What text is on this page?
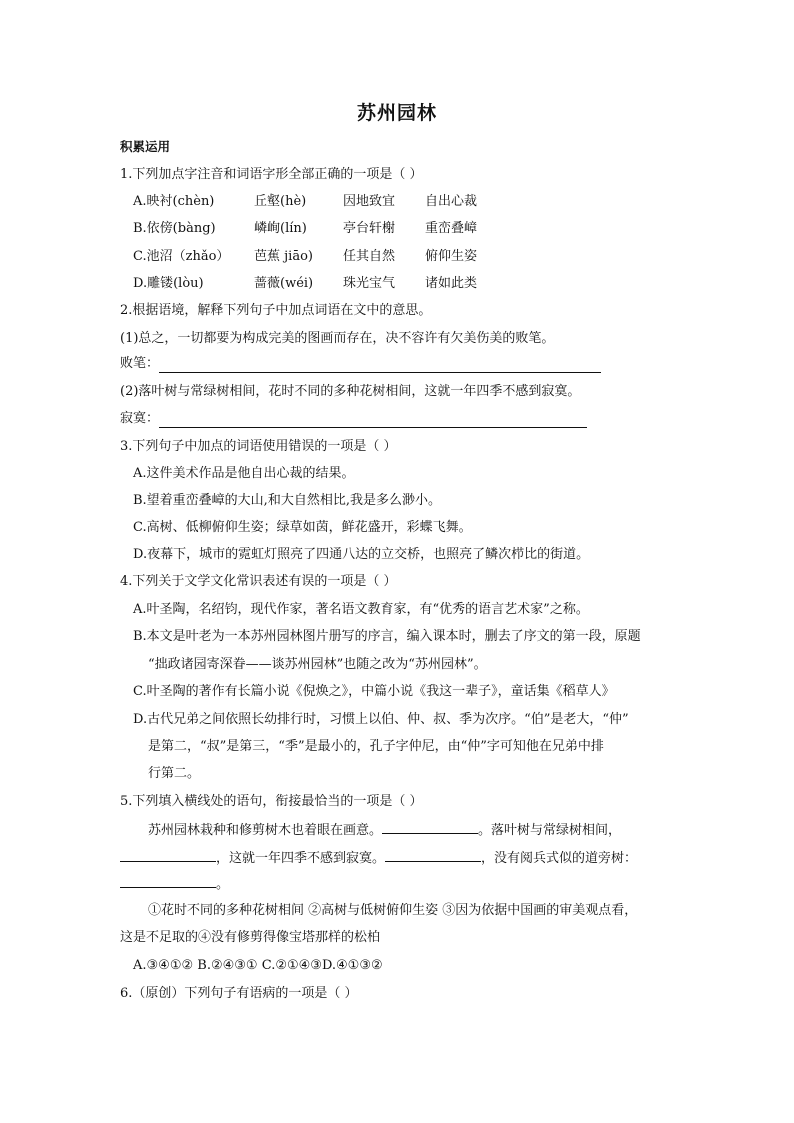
苏州园林
积累运用
1.下列加点字注音和词语字形全部正确的一项是（ ）
A.映衬(chèn)	丘壑(hè)	因地致宜	自出心裁
B.依傍(bàng)	嶙峋(lín)	亭台轩榭	重峦叠嶂
C.池沼（zhǎo）	芭蕉 jiāo)	任其自然	俯仰生姿
D.雕镂(lòu)	蔷薇(wéi)	珠光宝气	诸如此类
2.根据语境，解释下列句子中加点词语在文中的意思。
(1)总之，一切都要为构成完美的图画而存在，决不容许有欠美伤美的败笔。
败笔：
(2)落叶树与常绿树相间，花时不同的多种花树相间，这就一年四季不感到寂寞。
寂寞：
3.下列句子中加点的词语使用错误的一项是（ ）
A.这件美术作品是他自出心裁的结果。
B.望着重峦叠嶂的大山,和大自然相比,我是多么渺小。
C.高树、低柳俯仰生姿；绿草如茵，鲜花盛开，彩蝶飞舞。
D.夜幕下，城市的霓虹灯照亮了四通八达的立交桥，也照亮了鳞次栉比的街道。
4.下列关于文学文化常识表述有误的一项是（ ）
A.叶圣陶，名绍钧，现代作家，著名语文教育家，有“优秀的语言艺术家”之称。
B.本文是叶老为一本苏州园林图片册写的序言，编入课本时，删去了序文的第一段，原题
“拙政诸园寄深眷——谈苏州园林”也随之改为“苏州园林”。
C.叶圣陶的著作有长篇小说《倪焕之》，中篇小说《我这一辈子》，童话集《稻草人》
D.古代兄弟之间依照长幼排行时，习惯上以伯、仲、叔、季为次序。“伯”是老大，“仲”
是第二，“叔”是第三，“季”是最小的，孔子字仲尼，由“仲”字可知他在兄弟中排
行第二。
5.下列填入横线处的语句，衔接最恰当的一项是（ ）
苏州园林栽种和修剪树木也着眼在画意。	。落叶树与常绿树相间，
，这就一年四季不感到寂寞。	，没有阅兵式似的道旁树：
。
①花时不同的多种花树相间 ②高树与低树俯仰生姿 ③因为依据中国画的审美观点看，
这是不足取的④没有修剪得像宝塔那样的松柏
A.③④①② B.②④③① C.②①④③D.④①③②
6.（原创）下列句子有语病的一项是（ ）
